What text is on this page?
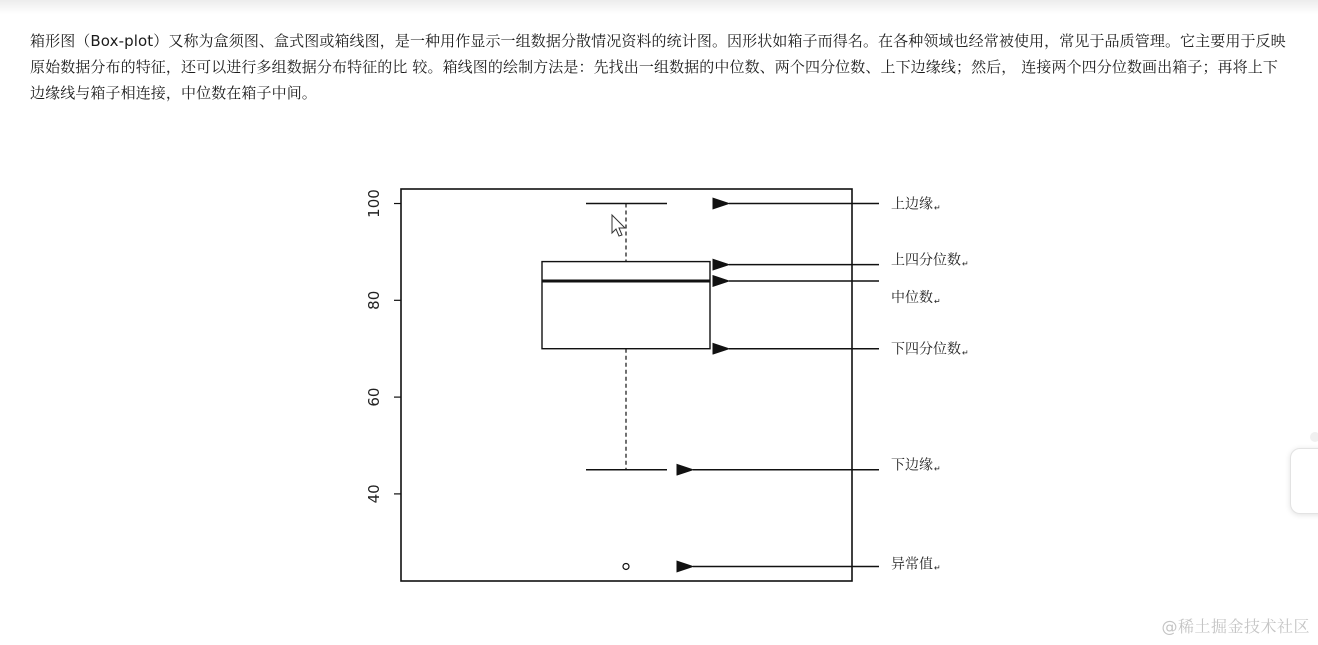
箱形图（Box-plot）又称为盒须图、盒式图或箱线图，是一种用作显示一组数据分散情况资料的统计图。因形状如箱子而得名。在各种领域也经常被使用，常见于品质管理。它主要用于反映原始数据分布的特征，还可以进行多组数据分布特征的比 较。箱线图的绘制方法是：先找出一组数据的中位数、两个四分位数、上下边缘线；然后， 连接两个四分位数画出箱子；再将上下边缘线与箱子相连接，中位数在箱子中间。

40
60
80
100	上边缘 ↵
上四分位数 ↵
中位数 ↵
下四分位数 ↵
下边缘 ↵
异常值 ↵
@稀土掘金技术社区
